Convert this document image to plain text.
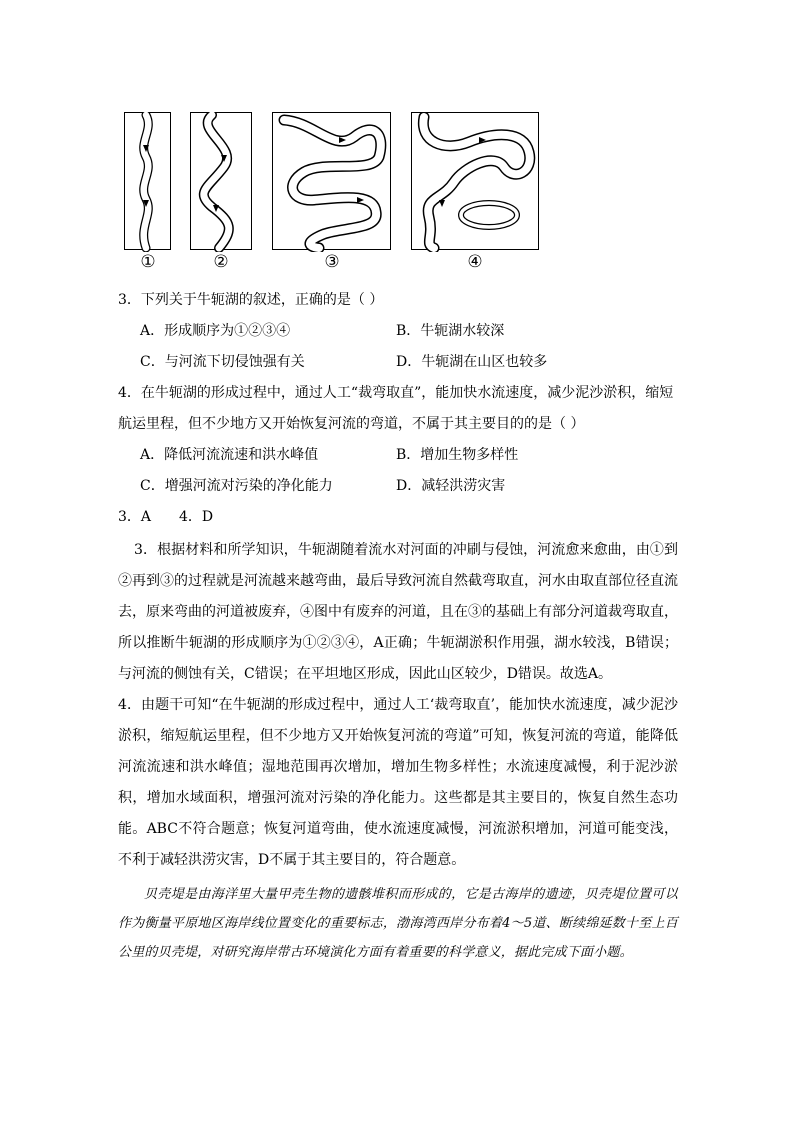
①	②	③	④
3．下列关于牛轭湖的叙述，正确的是（ ）
A．形成顺序为①②③④	B．牛轭湖水较深
C．与河流下切侵蚀强有关	D．牛轭湖在山区也较多
4．在牛轭湖的形成过程中，通过人工“裁弯取直”，能加快水流速度，减少泥沙淤积，缩短
航运里程，但不少地方又开始恢复河流的弯道，不属于其主要目的的是（ ）
A．降低河流流速和洪水峰值	B．增加生物多样性
C．增强河流对污染的净化能力	D．减轻洪涝灾害
3．A　　4．D

3．根据材料和所学知识，牛轭湖随着流水对河面的冲刷与侵蚀，河流愈来愈曲，由①到②再到③的过程就是河流越来越弯曲，最后导致河流自然截弯取直，河水由取直部位径直流去，原来弯曲的河道被废弃，④图中有废弃的河道，且在③的基础上有部分河道裁弯取直，所以推断牛轭湖的形成顺序为①②③④，A正确；牛轭湖淤积作用强，湖水较浅，B错误；与河流的侧蚀有关，C错误；在平坦地区形成，因此山区较少，D错误。故选A。

4．由题干可知“在牛轭湖的形成过程中，通过人工‘裁弯取直’，能加快水流速度，减少泥沙淤积，缩短航运里程，但不少地方又开始恢复河流的弯道”可知，恢复河流的弯道，能降低河流流速和洪水峰值；湿地范围再次增加，增加生物多样性；水流速度减慢，利于泥沙淤积，增加水域面积，增强河流对污染的净化能力。这些都是其主要目的，恢复自然生态功能。ABC不符合题意；恢复河道弯曲，使水流速度减慢，河流淤积增加，河道可能变浅，不利于减轻洪涝灾害，D不属于其主要目的，符合题意。

贝壳堤是由海洋里大量甲壳生物的遗骸堆积而形成的，它是古海岸的遗迹，贝壳堤位置可以作为衡量平原地区海岸线位置变化的重要标志，渤海湾西岸分布着4～5道、断续绵延数十至上百公里的贝壳堤，对研究海岸带古环境演化方面有着重要的科学意义，据此完成下面小题。
